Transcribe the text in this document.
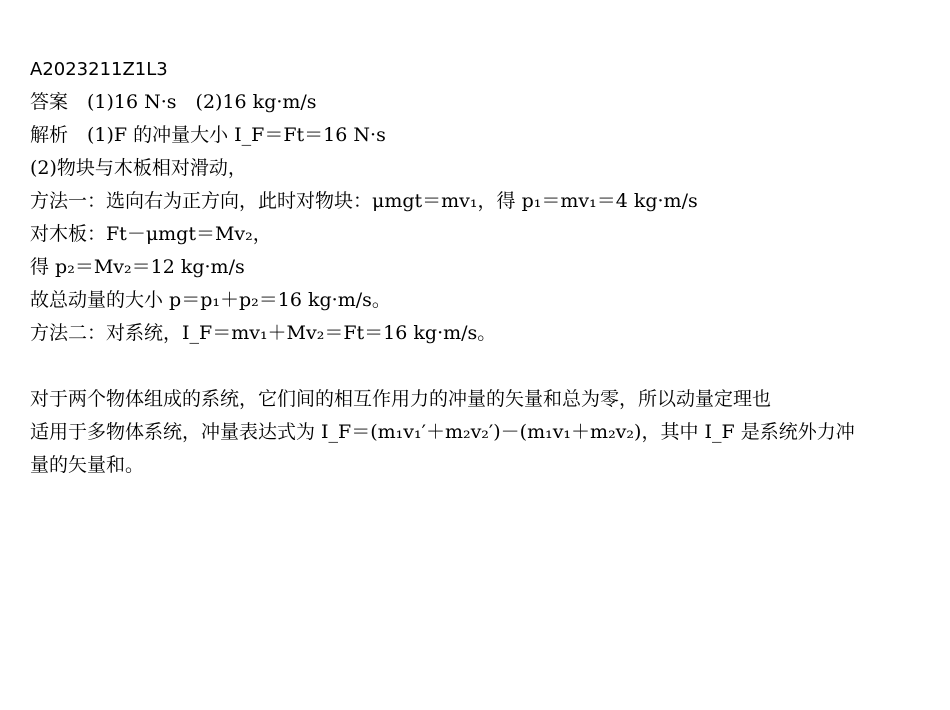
A2023211Z1L3
答案　(1)16 N·s　(2)16 kg·m/s
解析　(1)F 的冲量大小 I_F＝Ft＝16 N·s
(2)物块与木板相对滑动，
方法一：选向右为正方向，此时对物块：μmgt＝mv₁，得 p₁＝mv₁＝4 kg·m/s
对木板：Ft－μmgt＝Mv₂，
得 p₂＝Mv₂＝12 kg·m/s
故总动量的大小 p＝p₁＋p₂＝16 kg·m/s。
方法二：对系统，I_F＝mv₁＋Mv₂＝Ft＝16 kg·m/s。
对于两个物体组成的系统，它们间的相互作用力的冲量的矢量和总为零，所以动量定理也
适用于多物体系统，冲量表达式为 I_F＝(m₁v₁′＋m₂v₂′)－(m₁v₁＋m₂v₂)，其中 I_F 是系统外力冲
量的矢量和。
